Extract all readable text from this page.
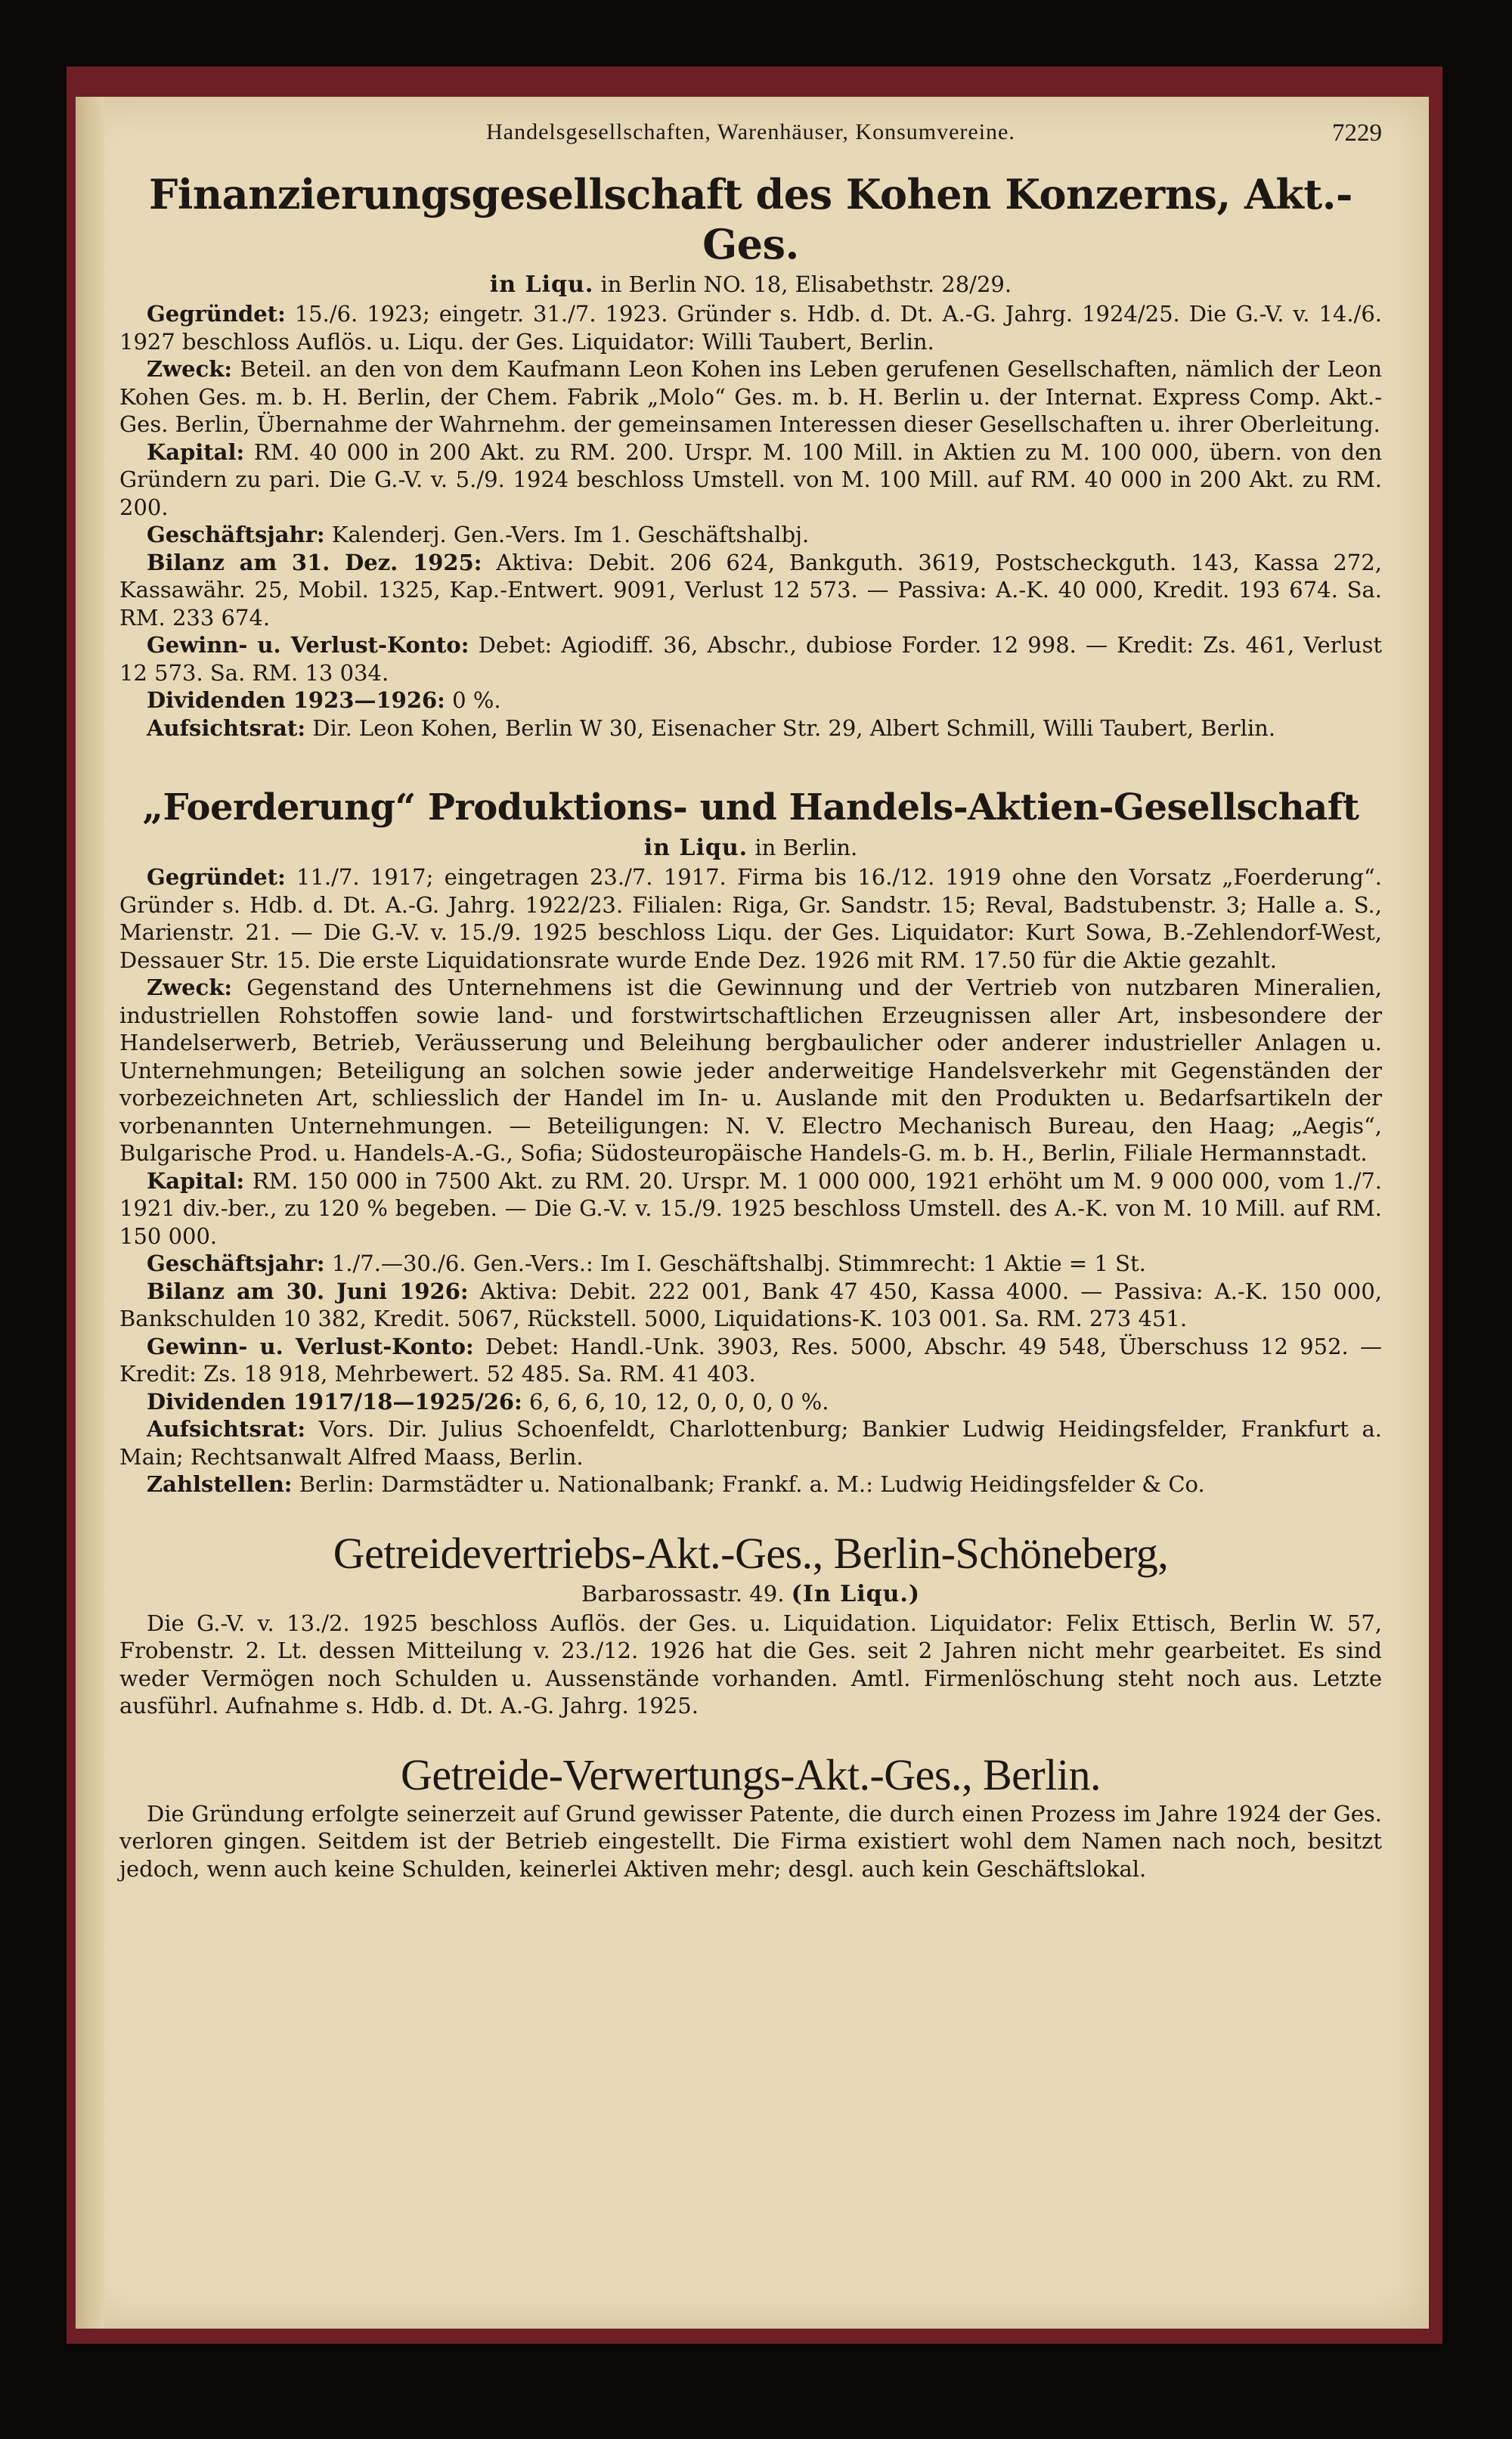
Handelsgesellschaften, Warenhäuser, Konsumvereine.	7229
Finanzierungsgesellschaft des Kohen Konzerns, Akt.-Ges.
in Liqu. in Berlin NO. 18, Elisabethstr. 28/29.

Gegründet: 15./6. 1923; eingetr. 31./7. 1923. Gründer s. Hdb. d. Dt. A.-G. Jahrg. 1924/25. Die G.-V. v. 14./6. 1927 beschloss Auflös. u. Liqu. der Ges. Liquidator: Willi Taubert, Berlin.

Zweck: Beteil. an den von dem Kaufmann Leon Kohen ins Leben gerufenen Gesellschaften, nämlich der Leon Kohen Ges. m. b. H. Berlin, der Chem. Fabrik „Molo“ Ges. m. b. H. Berlin u. der Internat. Express Comp. Akt.-Ges. Berlin, Übernahme der Wahrnehm. der gemeinsamen Interessen dieser Gesellschaften u. ihrer Oberleitung.

Kapital: RM. 40 000 in 200 Akt. zu RM. 200. Urspr. M. 100 Mill. in Aktien zu M. 100 000, übern. von den Gründern zu pari. Die G.-V. v. 5./9. 1924 beschloss Umstell. von M. 100 Mill. auf RM. 40 000 in 200 Akt. zu RM. 200.

Geschäftsjahr: Kalenderj. Gen.-Vers. Im 1. Geschäftshalbj.

Bilanz am 31. Dez. 1925: Aktiva: Debit. 206 624, Bankguth. 3619, Postscheckguth. 143, Kassa 272, Kassawähr. 25, Mobil. 1325, Kap.-Entwert. 9091, Verlust 12 573. — Passiva: A.-K. 40 000, Kredit. 193 674. Sa. RM. 233 674.

Gewinn- u. Verlust-Konto: Debet: Agiodiff. 36, Abschr., dubiose Forder. 12 998. — Kredit: Zs. 461, Verlust 12 573. Sa. RM. 13 034.

Dividenden 1923—1926: 0 %.

Aufsichtsrat: Dir. Leon Kohen, Berlin W 30, Eisenacher Str. 29, Albert Schmill, Willi Taubert, Berlin.

„Foerderung“ Produktions- und Handels-Aktien-Gesellschaft
in Liqu. in Berlin.

Gegründet: 11./7. 1917; eingetragen 23./7. 1917. Firma bis 16./12. 1919 ohne den Vorsatz „Foerderung“. Gründer s. Hdb. d. Dt. A.-G. Jahrg. 1922/23. Filialen: Riga, Gr. Sandstr. 15; Reval, Badstubenstr. 3; Halle a. S., Marienstr. 21. — Die G.-V. v. 15./9. 1925 beschloss Liqu. der Ges. Liquidator: Kurt Sowa, B.-Zehlendorf-West, Dessauer Str. 15. Die erste Liquidationsrate wurde Ende Dez. 1926 mit RM. 17.50 für die Aktie gezahlt.

Zweck: Gegenstand des Unternehmens ist die Gewinnung und der Vertrieb von nutzbaren Mineralien, industriellen Rohstoffen sowie land- und forstwirtschaftlichen Erzeugnissen aller Art, insbesondere der Handelserwerb, Betrieb, Veräusserung und Beleihung bergbaulicher oder anderer industrieller Anlagen u. Unternehmungen; Beteiligung an solchen sowie jeder anderweitige Handelsverkehr mit Gegenständen der vorbezeichneten Art, schliesslich der Handel im In- u. Auslande mit den Produkten u. Bedarfsartikeln der vorbenannten Unternehmungen. — Beteiligungen: N. V. Electro Mechanisch Bureau, den Haag; „Aegis“, Bulgarische Prod. u. Handels-A.-G., Sofia; Südosteuropäische Handels-G. m. b. H., Berlin, Filiale Hermannstadt.

Kapital: RM. 150 000 in 7500 Akt. zu RM. 20. Urspr. M. 1 000 000, 1921 erhöht um M. 9 000 000, vom 1./7. 1921 div.-ber., zu 120 % begeben. — Die G.-V. v. 15./9. 1925 beschloss Umstell. des A.-K. von M. 10 Mill. auf RM. 150 000.

Geschäftsjahr: 1./7.—30./6. Gen.-Vers.: Im I. Geschäftshalbj. Stimmrecht: 1 Aktie = 1 St.

Bilanz am 30. Juni 1926: Aktiva: Debit. 222 001, Bank 47 450, Kassa 4000. — Passiva: A.-K. 150 000, Bankschulden 10 382, Kredit. 5067, Rückstell. 5000, Liquidations-K. 103 001. Sa. RM. 273 451.

Gewinn- u. Verlust-Konto: Debet: Handl.-Unk. 3903, Res. 5000, Abschr. 49 548, Überschuss 12 952. — Kredit: Zs. 18 918, Mehrbewert. 52 485. Sa. RM. 41 403.

Dividenden 1917/18—1925/26: 6, 6, 6, 10, 12, 0, 0, 0, 0 %.

Aufsichtsrat: Vors. Dir. Julius Schoenfeldt, Charlottenburg; Bankier Ludwig Heidingsfelder, Frankfurt a. Main; Rechtsanwalt Alfred Maass, Berlin.

Zahlstellen: Berlin: Darmstädter u. Nationalbank; Frankf. a. M.: Ludwig Heidingsfelder & Co.

Getreidevertriebs-Akt.-Ges., Berlin-Schöneberg,
Barbarossastr. 49. (In Liqu.)

Die G.-V. v. 13./2. 1925 beschloss Auflös. der Ges. u. Liquidation. Liquidator: Felix Ettisch, Berlin W. 57, Frobenstr. 2. Lt. dessen Mitteilung v. 23./12. 1926 hat die Ges. seit 2 Jahren nicht mehr gearbeitet. Es sind weder Vermögen noch Schulden u. Aussenstände vorhanden. Amtl. Firmenlöschung steht noch aus. Letzte ausführl. Aufnahme s. Hdb. d. Dt. A.-G. Jahrg. 1925.

Getreide-Verwertungs-Akt.-Ges., Berlin.

Die Gründung erfolgte seinerzeit auf Grund gewisser Patente, die durch einen Prozess im Jahre 1924 der Ges. verloren gingen. Seitdem ist der Betrieb eingestellt. Die Firma existiert wohl dem Namen nach noch, besitzt jedoch, wenn auch keine Schulden, keinerlei Aktiven mehr; desgl. auch kein Geschäftslokal.
